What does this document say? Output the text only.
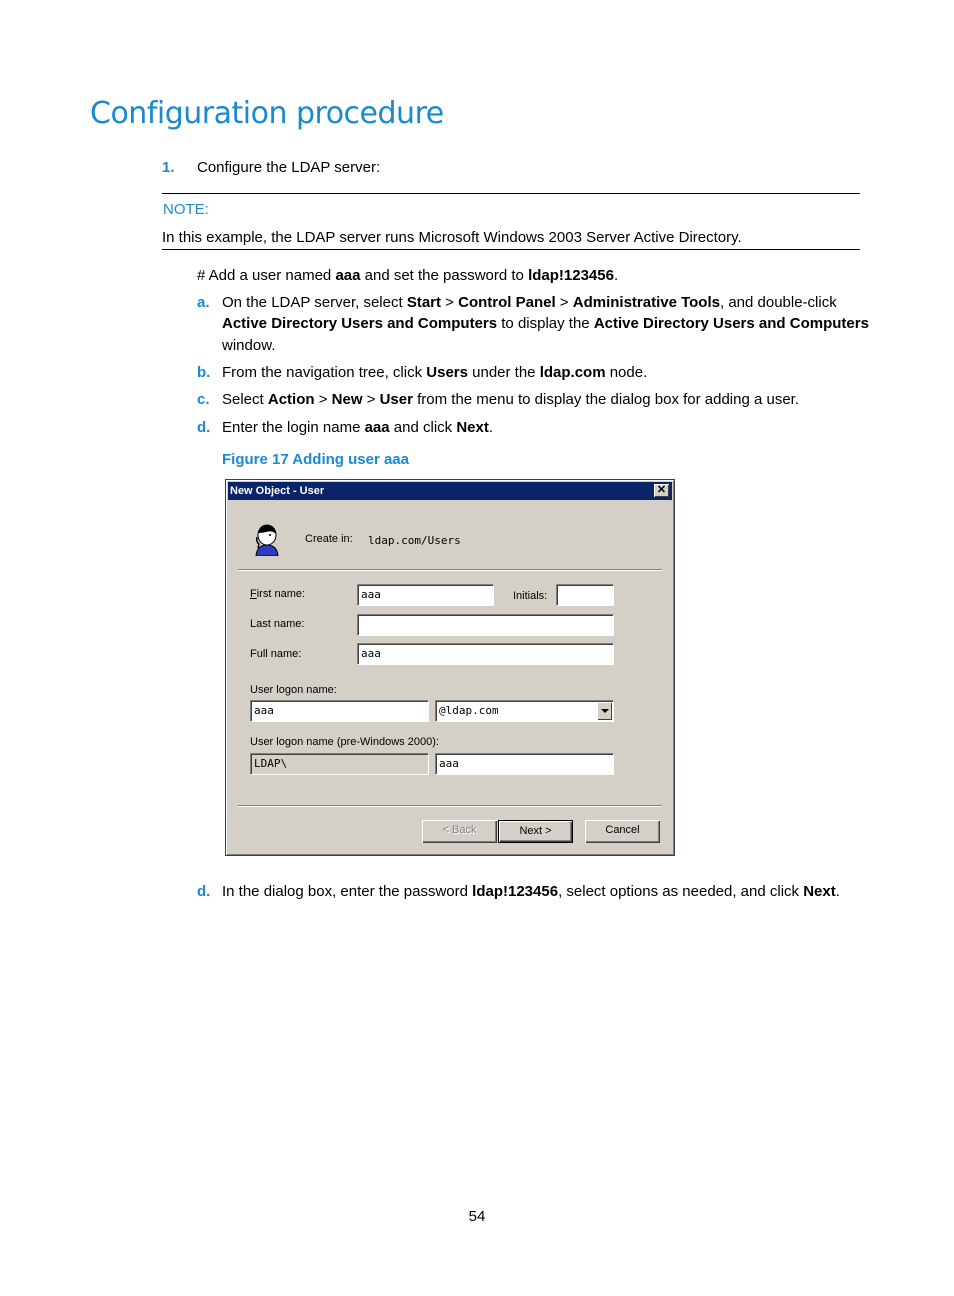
Configuration procedure
1. Configure the LDAP server:
NOTE:
In this example, the LDAP server runs Microsoft Windows 2003 Server Active Directory.
# Add a user named aaa and set the password to ldap!123456.
a. On the LDAP server, select Start > Control Panel > Administrative Tools, and double-click
Active Directory Users and Computers to display the Active Directory Users and Computers
window.
b. From the navigation tree, click Users under the ldap.com node.
c. Select Action > New > User from the menu to display the dialog box for adding a user.
d. Enter the login name aaa and click Next.
Figure 17 Adding user aaa
New Object - User	✕
Create in: ldap.com/Users
First name:	aaa	Initials:
Last name:
Full name:	aaa
User logon name:
aaa	@ldap.com
User logon name (pre-Windows 2000):
LDAP\	aaa
< Back	Next >	Cancel
d. In the dialog box, enter the password ldap!123456, select options as needed, and click Next.
54
